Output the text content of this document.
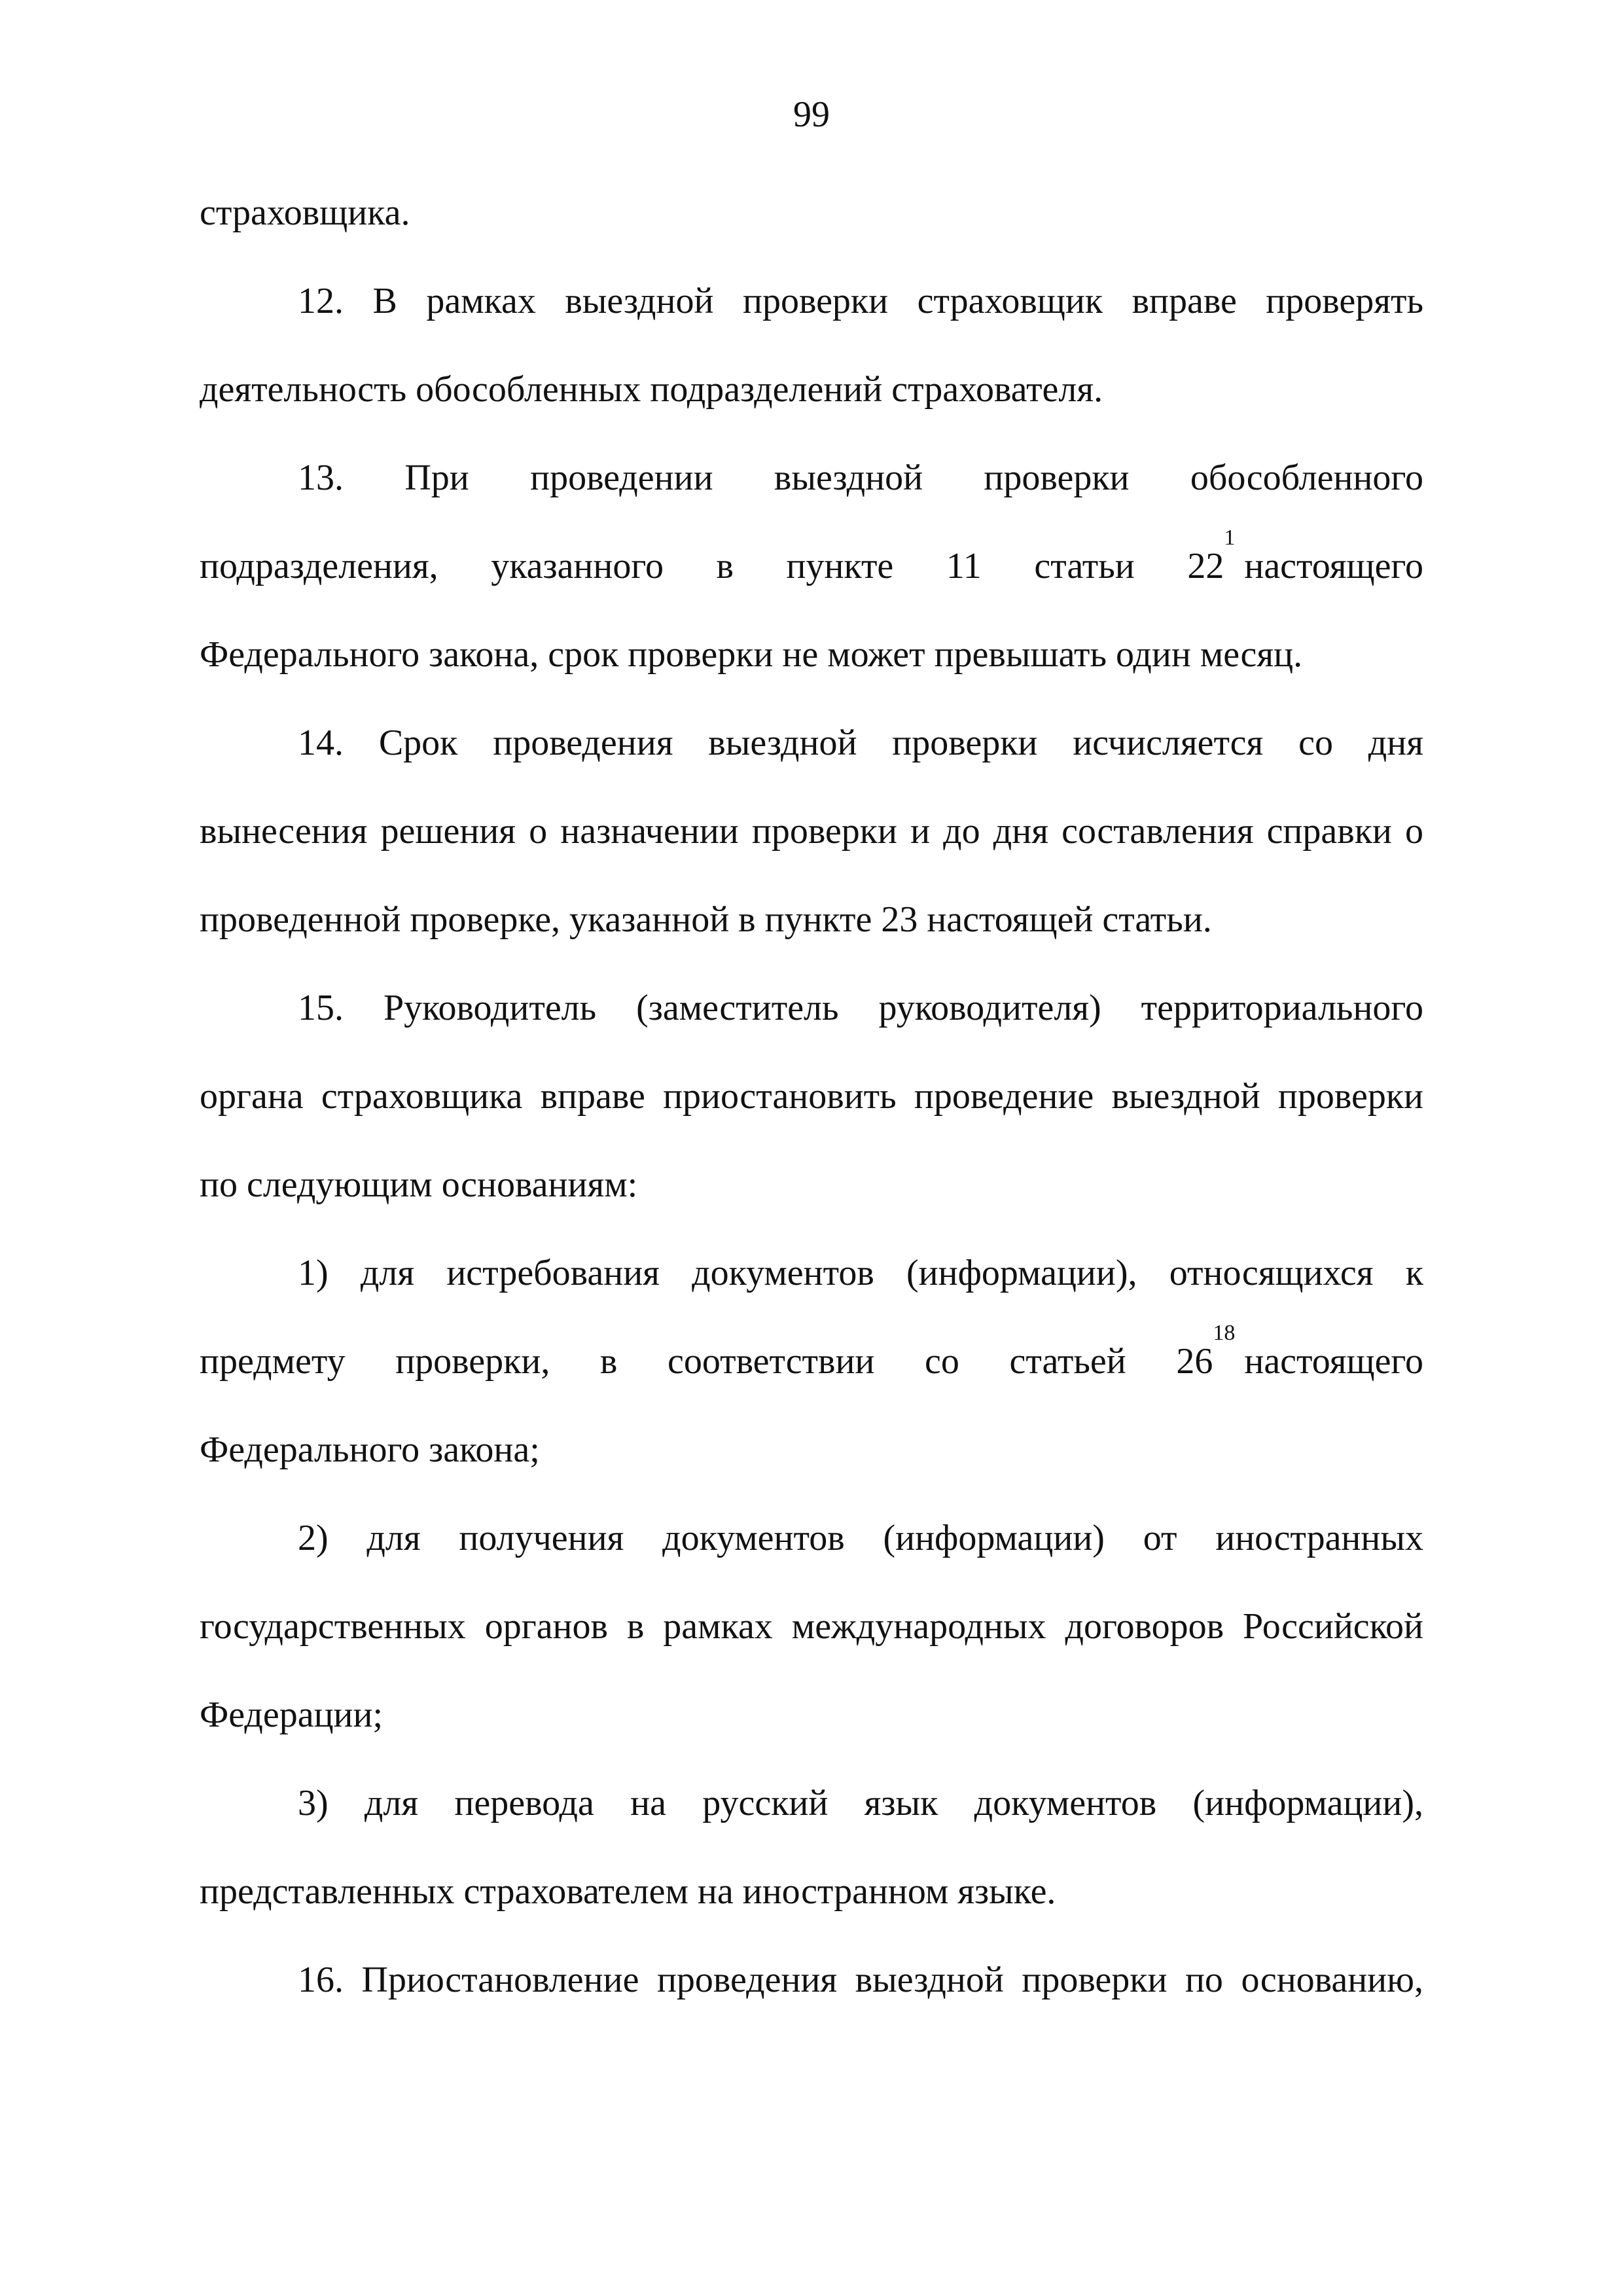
99
страховщика.
12. В рамках выездной проверки страховщик вправе проверять
деятельность обособленных подразделений страхователя.
13. При проведении выездной проверки обособленного
подразделения, указанного в пункте 11 статьи 22
$^1$
настоящего
Федерального закона, срок проверки не может превышать один месяц.
14. Срок проведения выездной проверки исчисляется со дня
вынесения решения о назначении проверки и до дня составления справки о
проведенной проверке, указанной в пункте 23 настоящей статьи.
15. Руководитель (заместитель руководителя) территориального
органа страховщика вправе приостановить проведение выездной проверки
по следующим основаниям:
1) для истребования документов (информации), относящихся к
предмету проверки, в соответствии со статьей 26
$^{18}$
настоящего
Федерального закона;
2) для получения документов (информации) от иностранных
государственных органов в рамках международных договоров Российской
Федерации;
3) для перевода на русский язык документов (информации),
представленных страхователем на иностранном языке.
16. Приостановление проведения выездной проверки по основанию,
